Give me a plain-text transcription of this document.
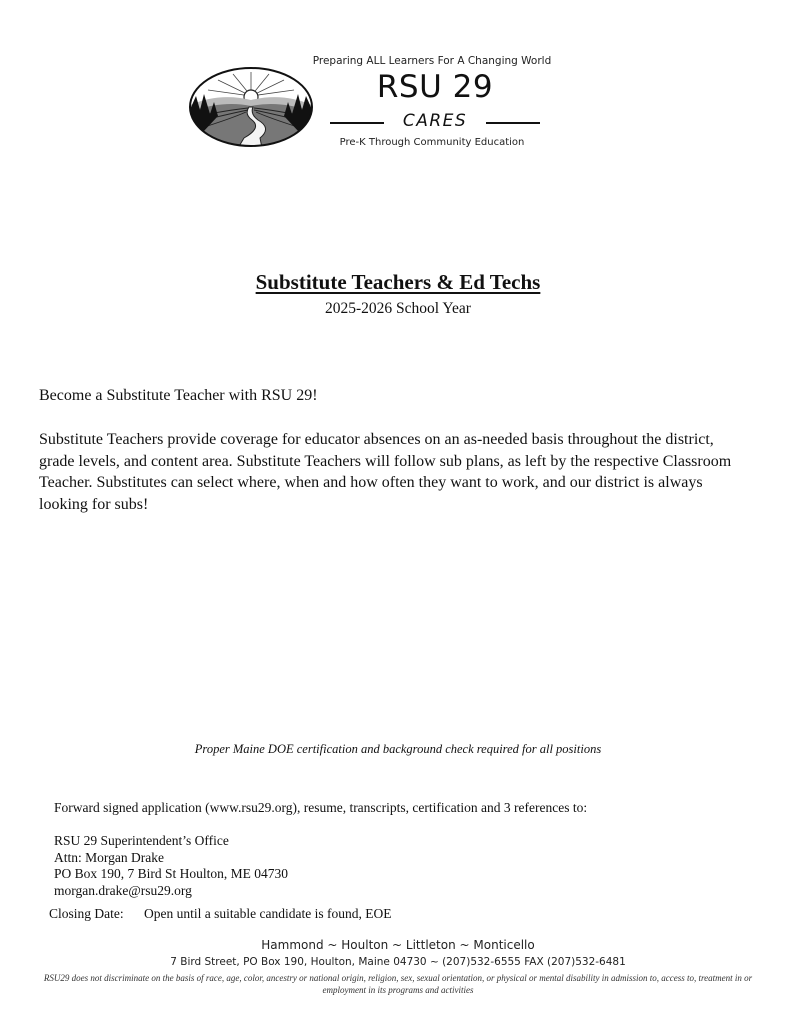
Preparing ALL Learners For A Changing World
RSU 29
CARES
Pre-K Through Community Education
Substitute Teachers & Ed Techs
2025-2026 School Year
Become a Substitute Teacher with RSU 29!
Substitute Teachers provide coverage for educator absences on an as-needed basis throughout the district, grade levels, and content area. Substitute Teachers will follow sub plans, as left by the respective Classroom Teacher. Substitutes can select where, when and how often they want to work, and our district is always looking for subs!
Proper Maine DOE certification and background check required for all positions
Forward signed application (www.rsu29.org), resume, transcripts, certification and 3 references to:
RSU 29 Superintendent’s Office
Attn: Morgan Drake
PO Box 190, 7 Bird St Houlton, ME 04730
morgan.drake@rsu29.org
Closing Date: Open until a suitable candidate is found, EOE
Hammond ~ Houlton ~ Littleton ~ Monticello
7 Bird Street, PO Box 190, Houlton, Maine 04730 ~ (207)532-6555 FAX (207)532-6481
RSU29 does not discriminate on the basis of race, age, color, ancestry or national origin, religion, sex, sexual orientation, or physical or mental disability in admission to, access to, treatment in or employment in its programs and activities
